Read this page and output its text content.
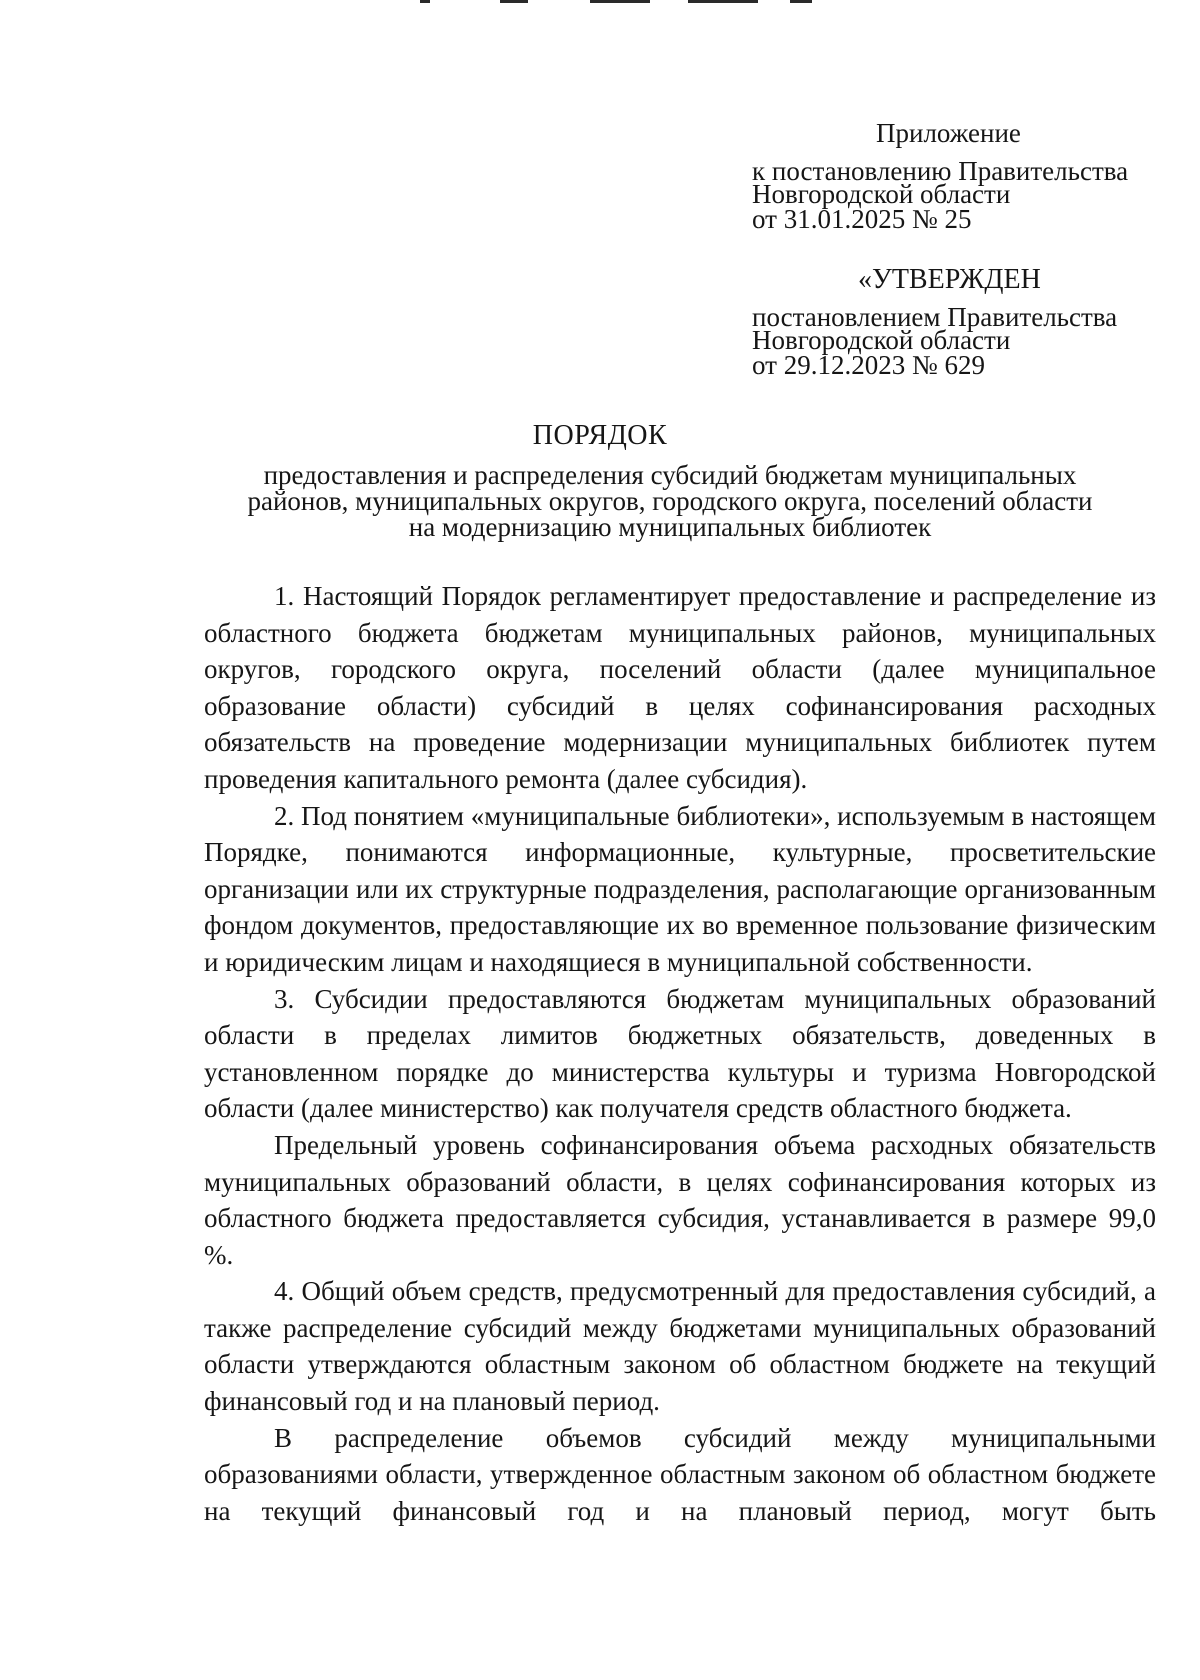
Приложение
к постановлению Правительства
Новгородской области
от 31.01.2025 № 25
«УТВЕРЖДЕН
постановлением Правительства
Новгородской области
от 29.12.2023 № 629
ПОРЯДОК
предоставления и распределения субсидий бюджетам муниципальных
районов, муниципальных округов, городского округа, поселений области
на модернизацию муниципальных библиотек

1. Настоящий Порядок регламентирует предоставление и распределение из областного бюджета бюджетам муниципальных районов, муниципальных округов, городского округа, поселений области (далее муниципальное образование области) субсидий в целях софинансирования расходных обязательств на проведение модернизации муниципальных библиотек путем проведения капитального ремонта (далее субсидия).

2. Под понятием «муниципальные библиотеки», используемым в настоящем Порядке, понимаются информационные, культурные, просветительские организации или их структурные подразделения, располагающие организованным фондом документов, предоставляющие их во временное пользование физическим и юридическим лицам и находящиеся в муниципальной собственности.

3. Субсидии предоставляются бюджетам муниципальных образований области в пределах лимитов бюджетных обязательств, доведенных в установленном порядке до министерства культуры и туризма Новгородской области (далее министерство) как получателя средств областного бюджета.

Предельный уровень софинансирования объема расходных обязательств муниципальных образований области, в целях софинансирования которых из областного бюджета предоставляется субсидия, устанавливается в размере 99,0 %.

4. Общий объем средств, предусмотренный для предоставления субсидий, а также распределение субсидий между бюджетами муниципальных образований области утверждаются областным законом об областном бюджете на текущий финансовый год и на плановый период.

В распределение объемов субсидий между муниципальными образованиями области, утвержденное областным законом об областном бюджете на текущий финансовый год и на плановый период, могут быть
